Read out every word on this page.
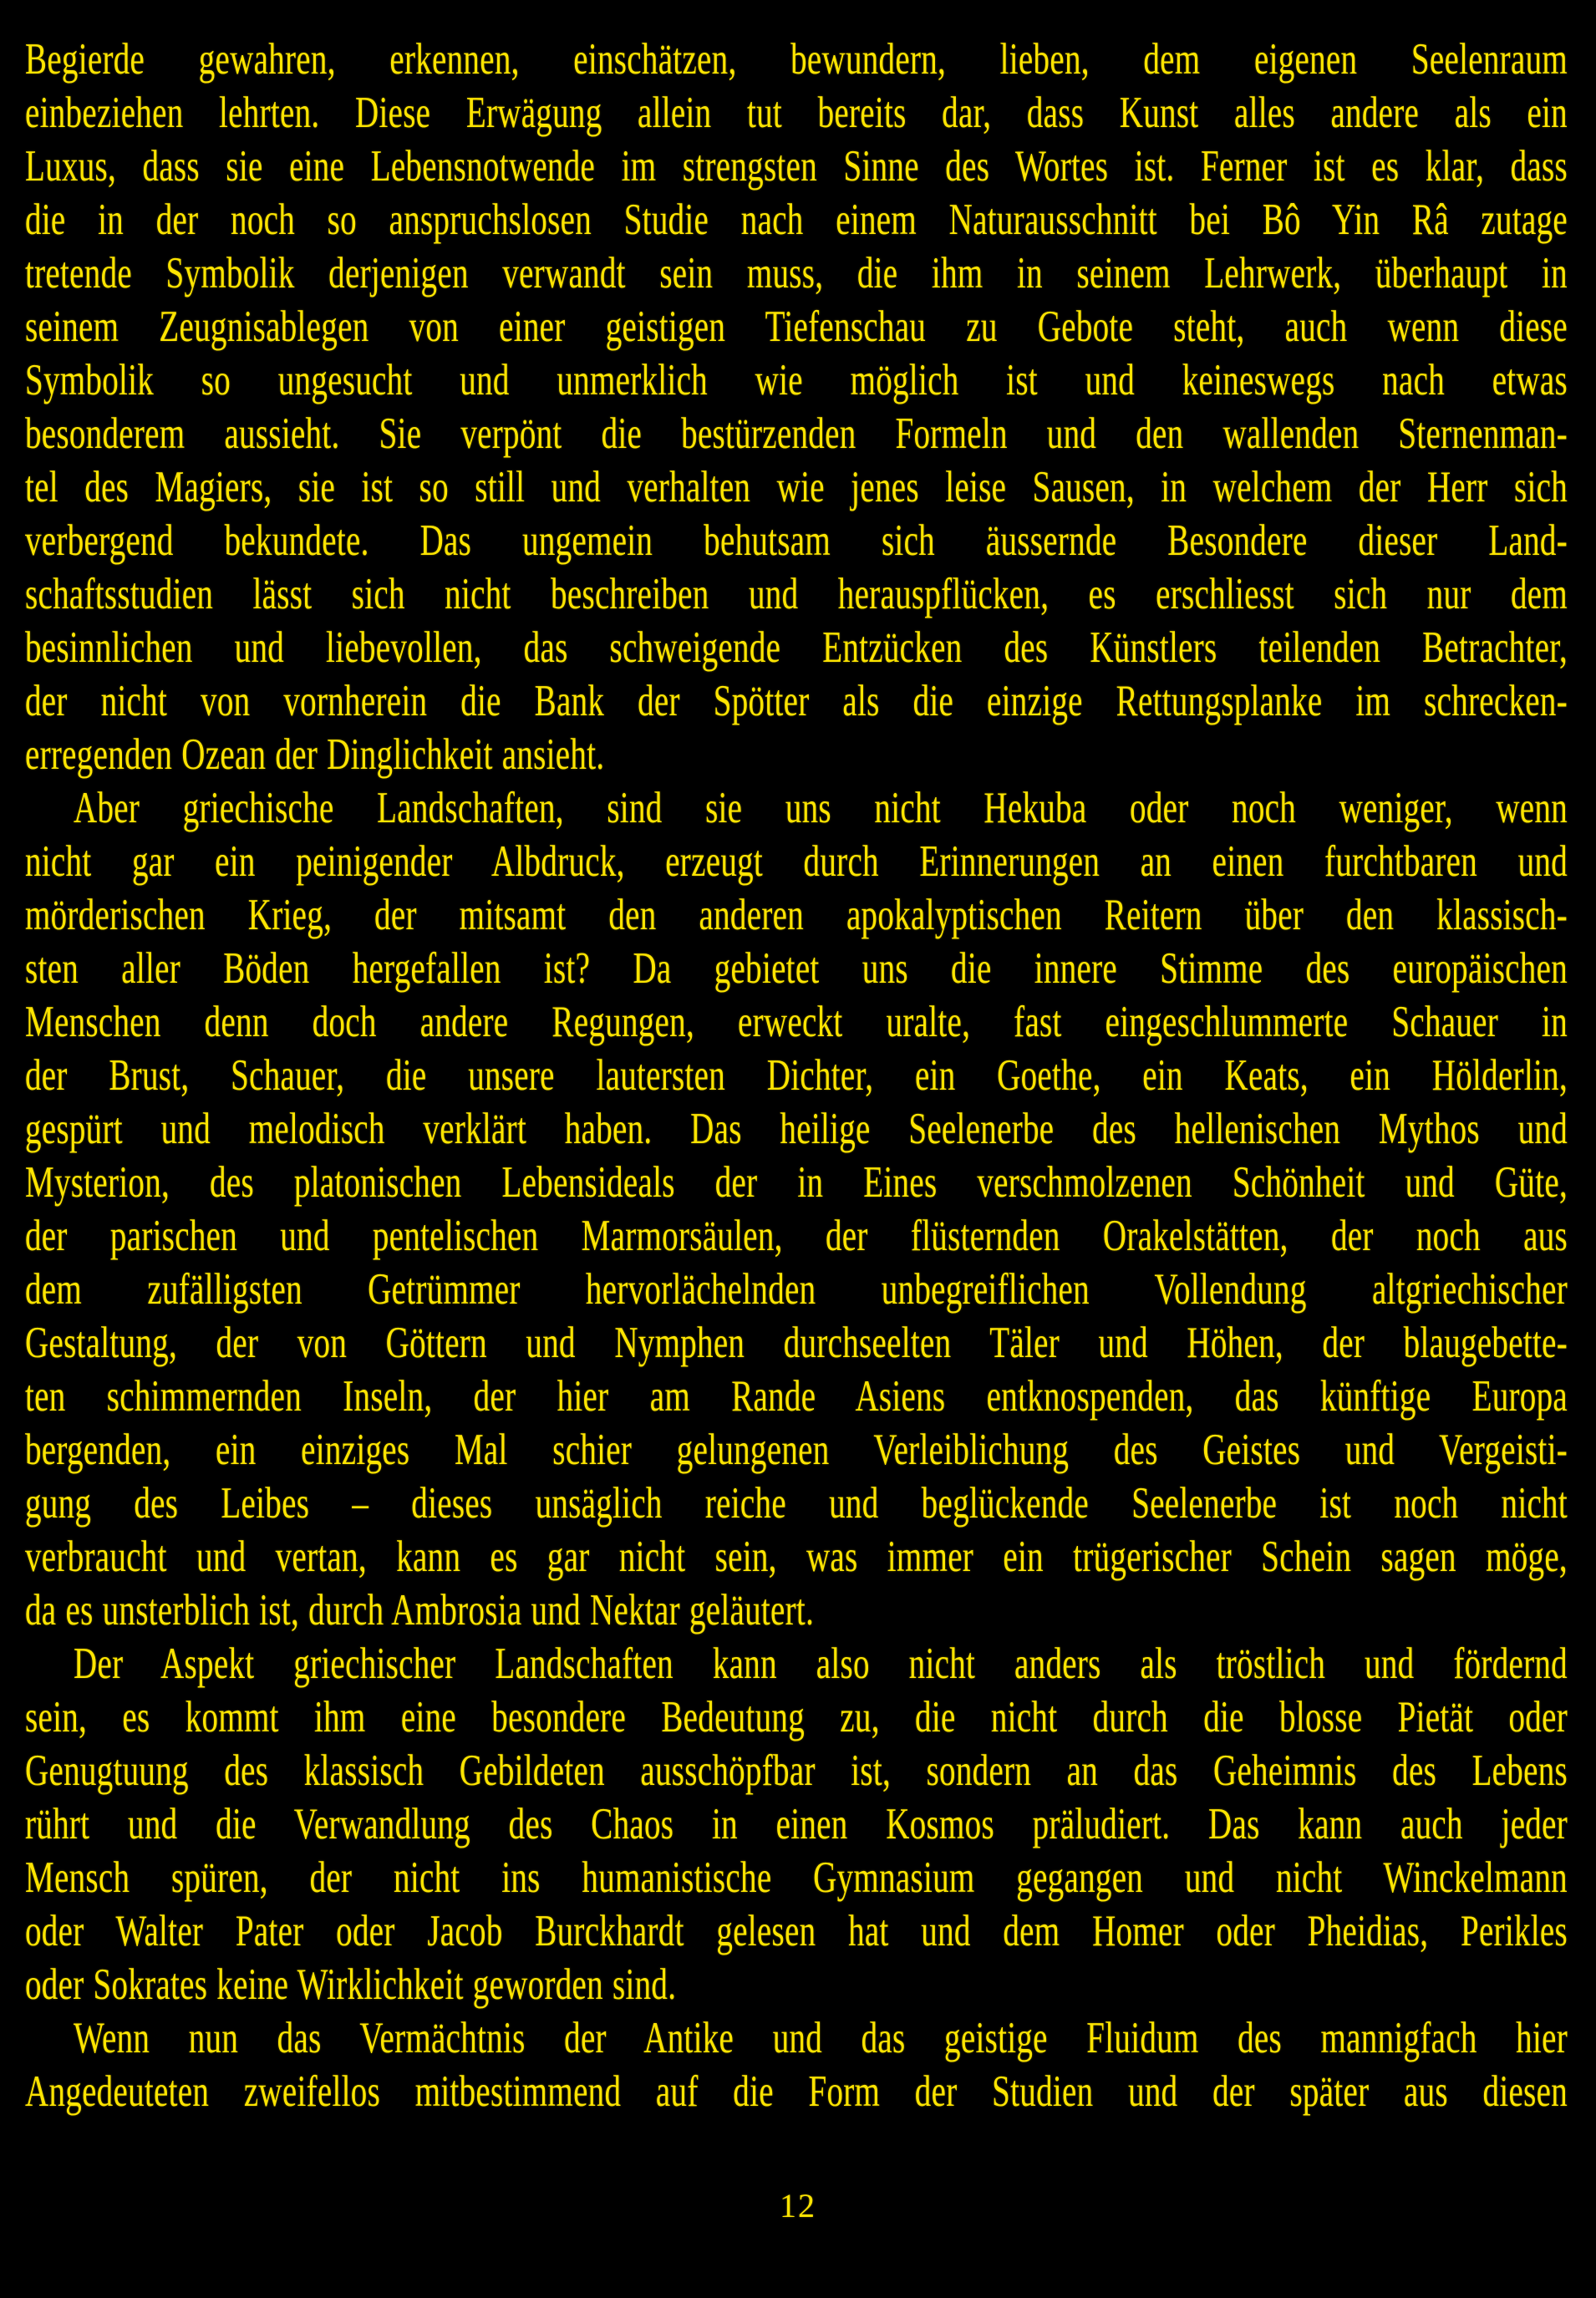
Begierde gewahren, erkennen, einschätzen, bewundern, lieben, dem eigenen Seelenraum
einbeziehen lehrten. Diese Erwägung allein tut bereits dar, dass Kunst alles andere als ein
Luxus, dass sie eine Lebensnotwende im strengsten Sinne des Wortes ist. Ferner ist es klar, dass
die in der noch so anspruchslosen Studie nach einem Naturausschnitt bei Bô Yin Râ zutage
tretende Symbolik derjenigen verwandt sein muss, die ihm in seinem Lehrwerk, überhaupt in
seinem Zeugnisablegen von einer geistigen Tiefenschau zu Gebote steht, auch wenn diese
Symbolik so ungesucht und unmerklich wie möglich ist und keineswegs nach etwas
besonderem aussieht. Sie verpönt die bestürzenden Formeln und den wallenden Sternenman-
tel des Magiers, sie ist so still und verhalten wie jenes leise Sausen, in welchem der Herr sich
verbergend bekundete. Das ungemein behutsam sich äussernde Besondere dieser Land-
schaftsstudien lässt sich nicht beschreiben und herauspflücken, es erschliesst sich nur dem
besinnlichen und liebevollen, das schweigende Entzücken des Künstlers teilenden Betrachter,
der nicht von vornherein die Bank der Spötter als die einzige Rettungsplanke im schrecken-
erregenden Ozean der Dinglichkeit ansieht.
Aber griechische Landschaften, sind sie uns nicht Hekuba oder noch weniger, wenn
nicht gar ein peinigender Albdruck, erzeugt durch Erinnerungen an einen furchtbaren und
mörderischen Krieg, der mitsamt den anderen apokalyptischen Reitern über den klassisch-
sten aller Böden hergefallen ist? Da gebietet uns die innere Stimme des europäischen
Menschen denn doch andere Regungen, erweckt uralte, fast eingeschlummerte Schauer in
der Brust, Schauer, die unsere lautersten Dichter, ein Goethe, ein Keats, ein Hölderlin,
gespürt und melodisch verklärt haben. Das heilige Seelenerbe des hellenischen Mythos und
Mysterion, des platonischen Lebensideals der in Eines verschmolzenen Schönheit und Güte,
der parischen und pentelischen Marmorsäulen, der flüsternden Orakelstätten, der noch aus
dem zufälligsten Getrümmer hervorlächelnden unbegreiflichen Vollendung altgriechischer
Gestaltung, der von Göttern und Nymphen durchseelten Täler und Höhen, der blaugebette-
ten schimmernden Inseln, der hier am Rande Asiens entknospenden, das künftige Europa
bergenden, ein einziges Mal schier gelungenen Verleiblichung des Geistes und Vergeisti-
gung des Leibes – dieses unsäglich reiche und beglückende Seelenerbe ist noch nicht
verbraucht und vertan, kann es gar nicht sein, was immer ein trügerischer Schein sagen möge,
da es unsterblich ist, durch Ambrosia und Nektar geläutert.
Der Aspekt griechischer Landschaften kann also nicht anders als tröstlich und fördernd
sein, es kommt ihm eine besondere Bedeutung zu, die nicht durch die blosse Pietät oder
Genugtuung des klassisch Gebildeten ausschöpfbar ist, sondern an das Geheimnis des Lebens
rührt und die Verwandlung des Chaos in einen Kosmos präludiert. Das kann auch jeder
Mensch spüren, der nicht ins humanistische Gymnasium gegangen und nicht Winckelmann
oder Walter Pater oder Jacob Burckhardt gelesen hat und dem Homer oder Pheidias, Perikles
oder Sokrates keine Wirklichkeit geworden sind.
Wenn nun das Vermächtnis der Antike und das geistige Fluidum des mannigfach hier
Angedeuteten zweifellos mitbestimmend auf die Form der Studien und der später aus diesen
12
